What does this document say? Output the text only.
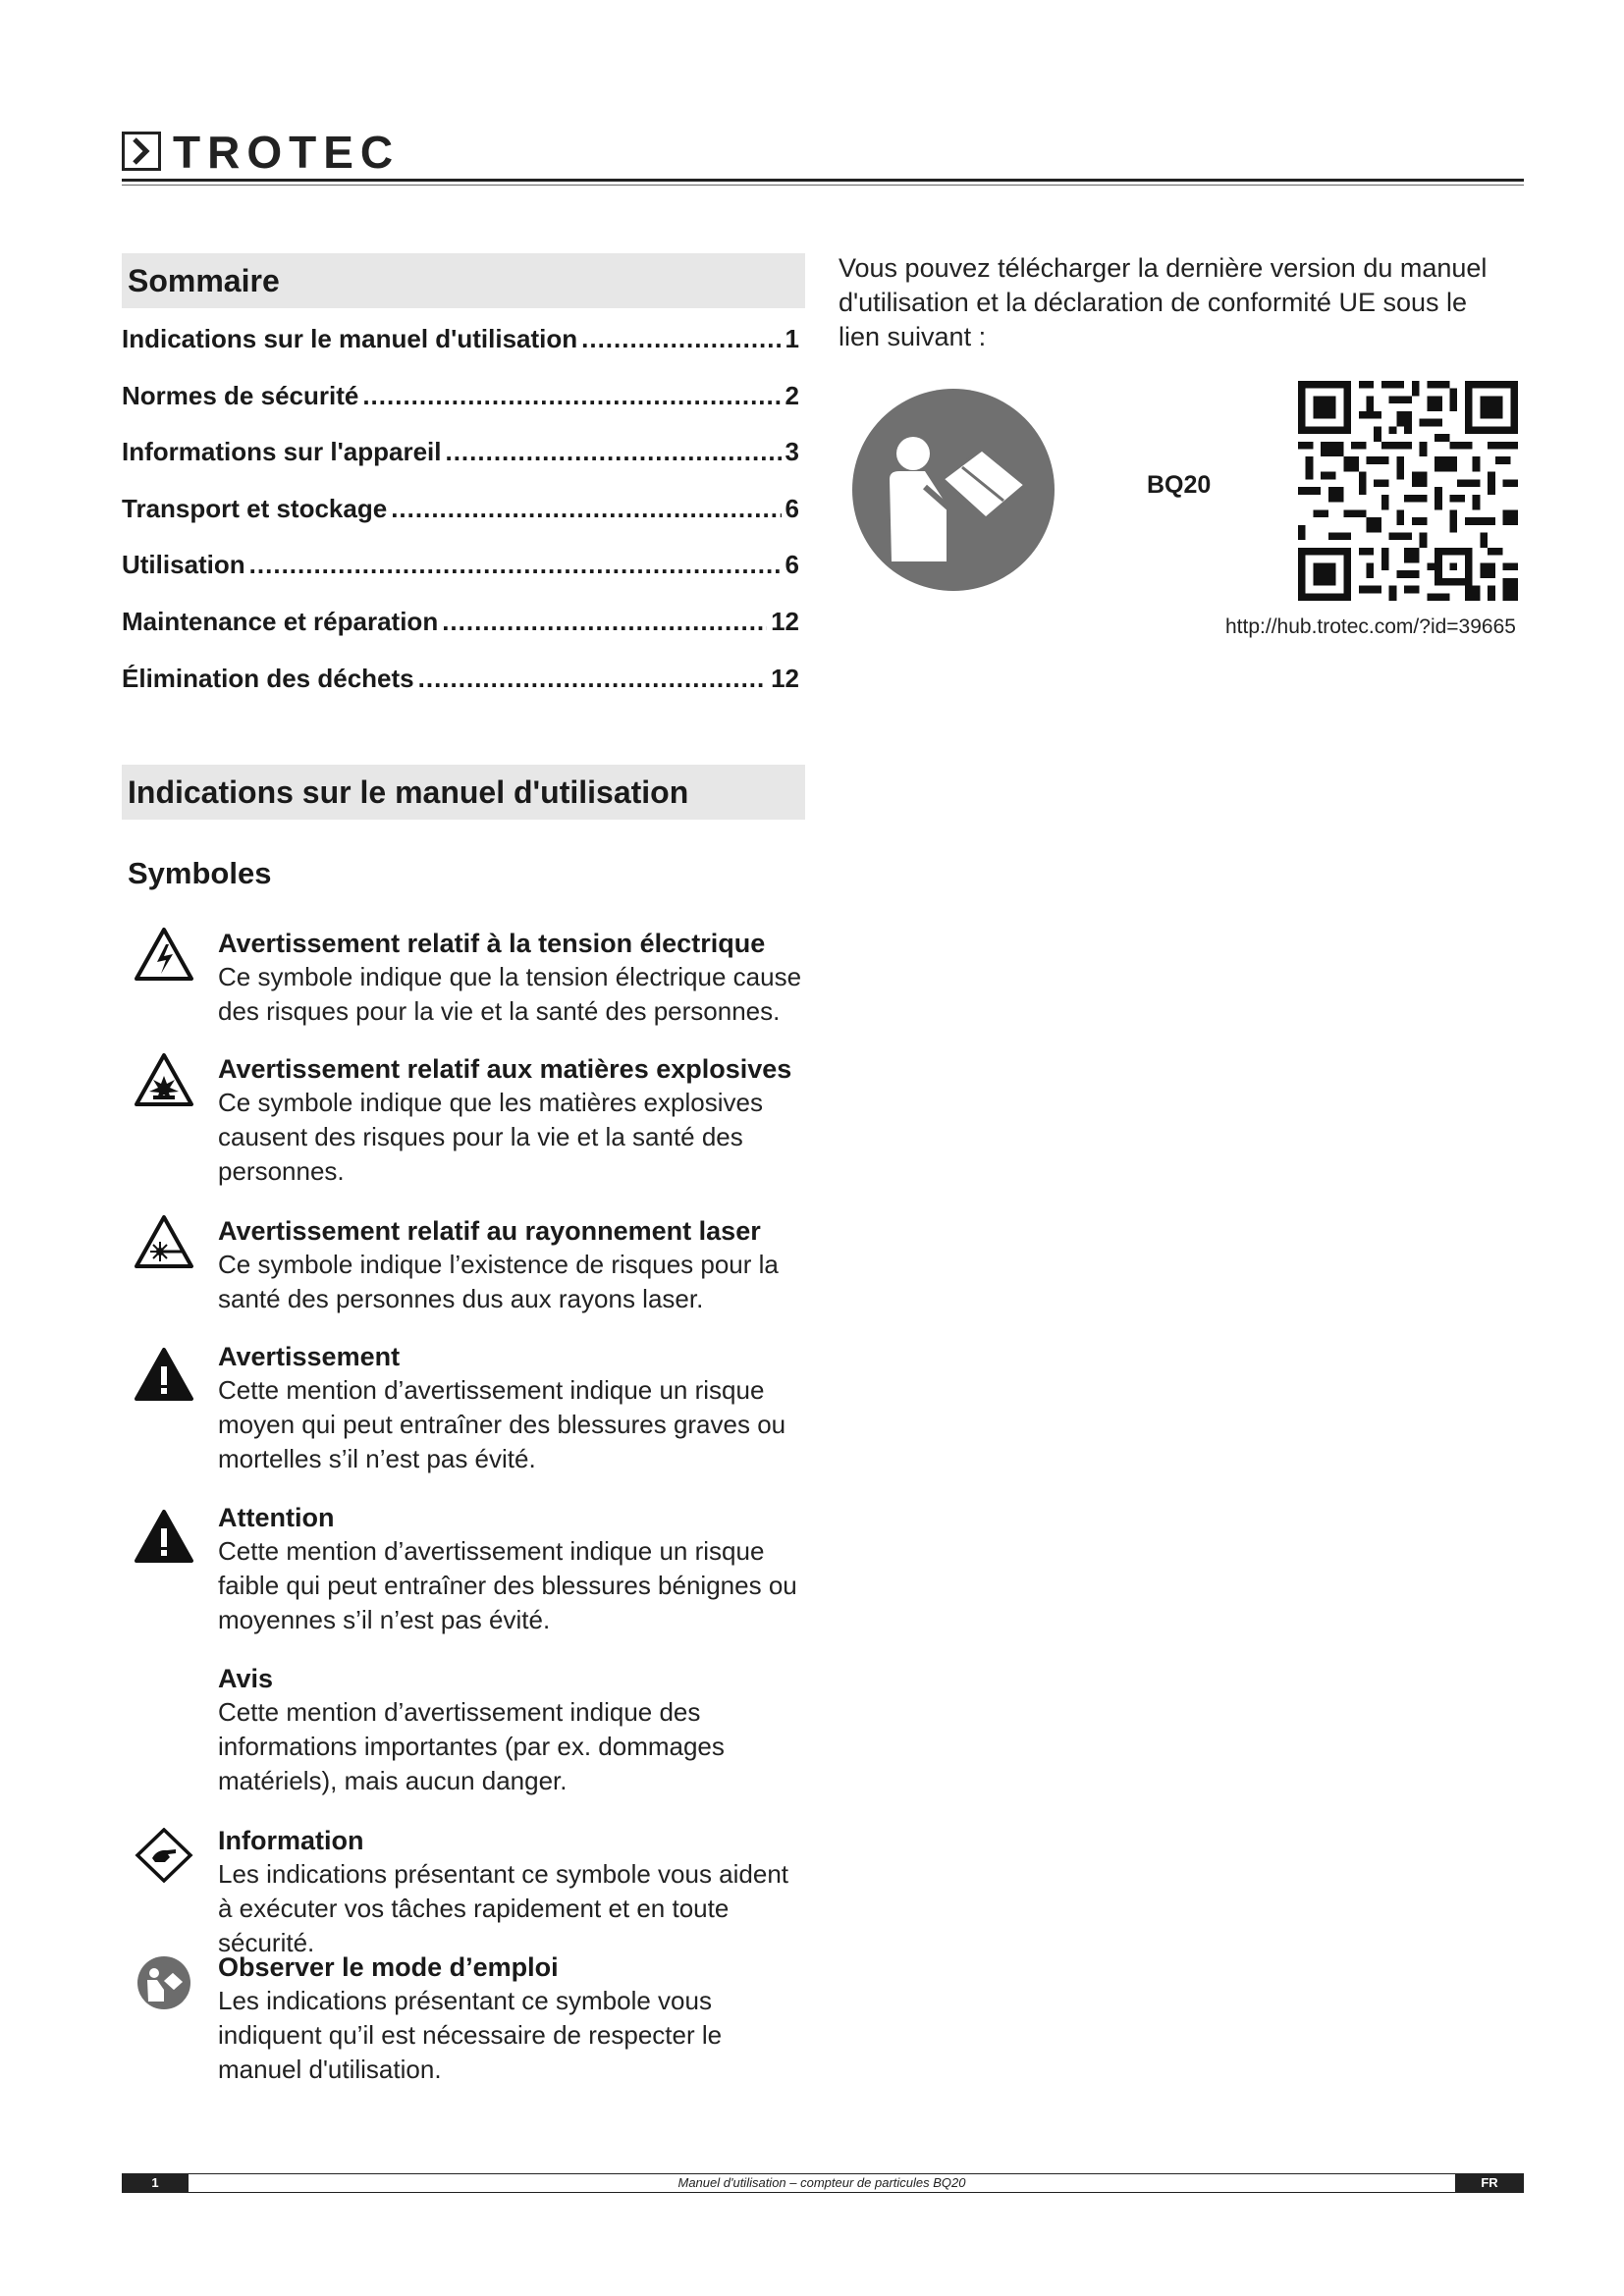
TROTEC
Sommaire
Indications sur le manuel d'utilisation .....	1
Normes de sécurité .....	2
Informations sur l'appareil .....	3
Transport et stockage .....	6
Utilisation .....	6
Maintenance et réparation .....	12
Élimination des déchets .....	12
Vous pouvez télécharger la dernière version du manuel d'utilisation et la déclaration de conformité UE sous le lien suivant :
BQ20
http://hub.trotec.com/?id=39665
Indications sur le manuel d'utilisation
Symboles
Avertissement relatif à la tension électrique
Ce symbole indique que la tension électrique cause des risques pour la vie et la santé des personnes.
Avertissement relatif aux matières explosives
Ce symbole indique que les matières explosives causent des risques pour la vie et la santé des personnes.
Avertissement relatif au rayonnement laser
Ce symbole indique l’existence de risques pour la santé des personnes dus aux rayons laser.
Avertissement
Cette mention d’avertissement indique un risque moyen qui peut entraîner des blessures graves ou mortelles s’il n’est pas évité.
Attention
Cette mention d’avertissement indique un risque faible qui peut entraîner des blessures bénignes ou moyennes s’il n’est pas évité.
Avis
Cette mention d’avertissement indique des informations importantes (par ex. dommages matériels), mais aucun danger.
Information
Les indications présentant ce symbole vous aident à exécuter vos tâches rapidement et en toute sécurité.
Observer le mode d’emploi
Les indications présentant ce symbole vous indiquent qu’il est nécessaire de respecter le manuel d'utilisation.
1	Manuel d'utilisation – compteur de particules BQ20	FR
